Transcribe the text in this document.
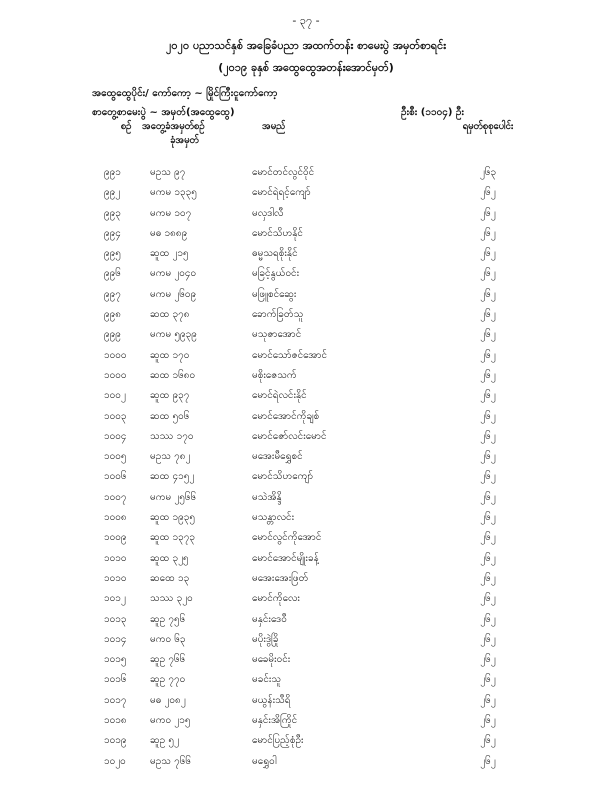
- ၃၇ -
၂၀၂၀ ပညာသင်နှစ် အခြေခံပညာ အထက်တန်း စာမေးပွဲ အမှတ်စာရင်း
(၂၀၁၉ ခုနှစ် အထွေထွေအတန်းအောင်မှတ်)
အထွေထွေပိုင်း/ ကော်ကော့ ~ မြိုင်ကြီးငူကော်ကော့
စာတွေ့စာမေးပွဲ ~ အမှတ်(အထွေထွေ)	ဦးစီး (၁၁၀၄) ဦး
စဉ်	အတွေ့ခံအမှတ်စဉ်
ခုံအမှတ်
အမည်	ရမှတ်စုစုပေါင်း
၉၉၁	မဥသ ၉၇	မောင်တင်လွင်ဝိုင်	၂၆၃
၉၉၂	မကမ ၁၃၃၅	မောင်ရဲရင့်ကျော်	၂၆၂
၉၉၃	မကမ ၁၀၇	မလှဒါလီ	၂၆၂
၉၉၄	မဓ ၁၈၈၉	မောင်သိဟနိုင်	၂၆၂
၉၉၅	ဆူထ ၂၁၅	ဓမ္မသရစိုးနိုင်	၂၆၂
၉၉၆	မကမ ၂၀၄၀	မခြင့်နွယ်ဝင်း	၂၆၂
၉၉၇	မကမ ၂၆၀၉	မဖြူစင်ဆွေး	၂၆၂
၉၉၈	ဆထ ၃၇၈	ခောက်ခြတ်သူ	၂၆၂
၉၉၉	မကမ ၅၉၃၉	မသုဇာအောင်	၂၆၂
၁၀၀၀	ဆူထ ၁၇၀	မောင်သော်ဇင်အောင်	၂၆၂
၁၀၀၀	ဆထ ၁၆၈၀	မစိုးဇေသက်	၂၆၂
၁၀၀၂	ဆူထ ၉၃၇	မောင်ရဲလင်းနိုင်	၂၆၂
၁၀၀၃	ဆထ ၅၀၆	မောင်အောင်ကိုချစ်	၂၆၂
၁၀၀၄	သဿ ၁၇၀	မောင်ဇော်လင်းမောင်	၂၆၂
၁၀၀၅	မဥသ ၇၈၂	မအေးမီရွှေစင်	၂၆၂
၁၀၀၆	ဆထ ၄၁၅၂	မောင်သိဟကျော်	၂၆၂
၁၀၀၇	မကမ ၂၅၆၆	မသဲအိန္ဒိ	၂၆၂
၁၀၀၈	ဆူထ ၁၉၃၅	မသန္တာလင်း	၂၆၂
၁၀၀၉	ဆူထ ၁၃၇၃	မောင်လွင်ကိုအောင်	၂၆၂
၁၀၁၀	ဆူထ ၃၂၅	မောင်အောင်မျိုးခန့်	၂၆၂
၁၀၁၀	ဆထေ ၁၃	မအေးအေးဖြတ်	၂၆၂
၁၀၁၂	သဿ ၃၂၀	မောင်ကိုလေး	၂၆၂
၁၀၁၃	ဆူဥ ၇၅၆	မနှင်းဒေဝီ	၂၆၂
၁၀၁၄	မကဝ ၆၃	မပိုးဒွဲခြို	၂၆၂
၁၀၁၅	ဆူဥ ၇၆၆	မခေမိုးဝင်း	၂၆၂
၁၀၁၆	ဆူဥ ၇၇၀	မခင်းသူ	၂၆၂
၁၀၁၇	မဓ ၂၀၈၂	မယွန်းသီရိ	၂၆၂
၁၀၁၈	မကဝ ၂၁၅	မနှင်းအိကြိုင်	၂၆၂
၁၀၁၉	ဆူဥ ၅၂	မောင်ပြည့်စုံဦး	၂၆၂
၁၀၂၀	မဥသ ၇၆၆	မရွှေဝါ	၂၆၂
